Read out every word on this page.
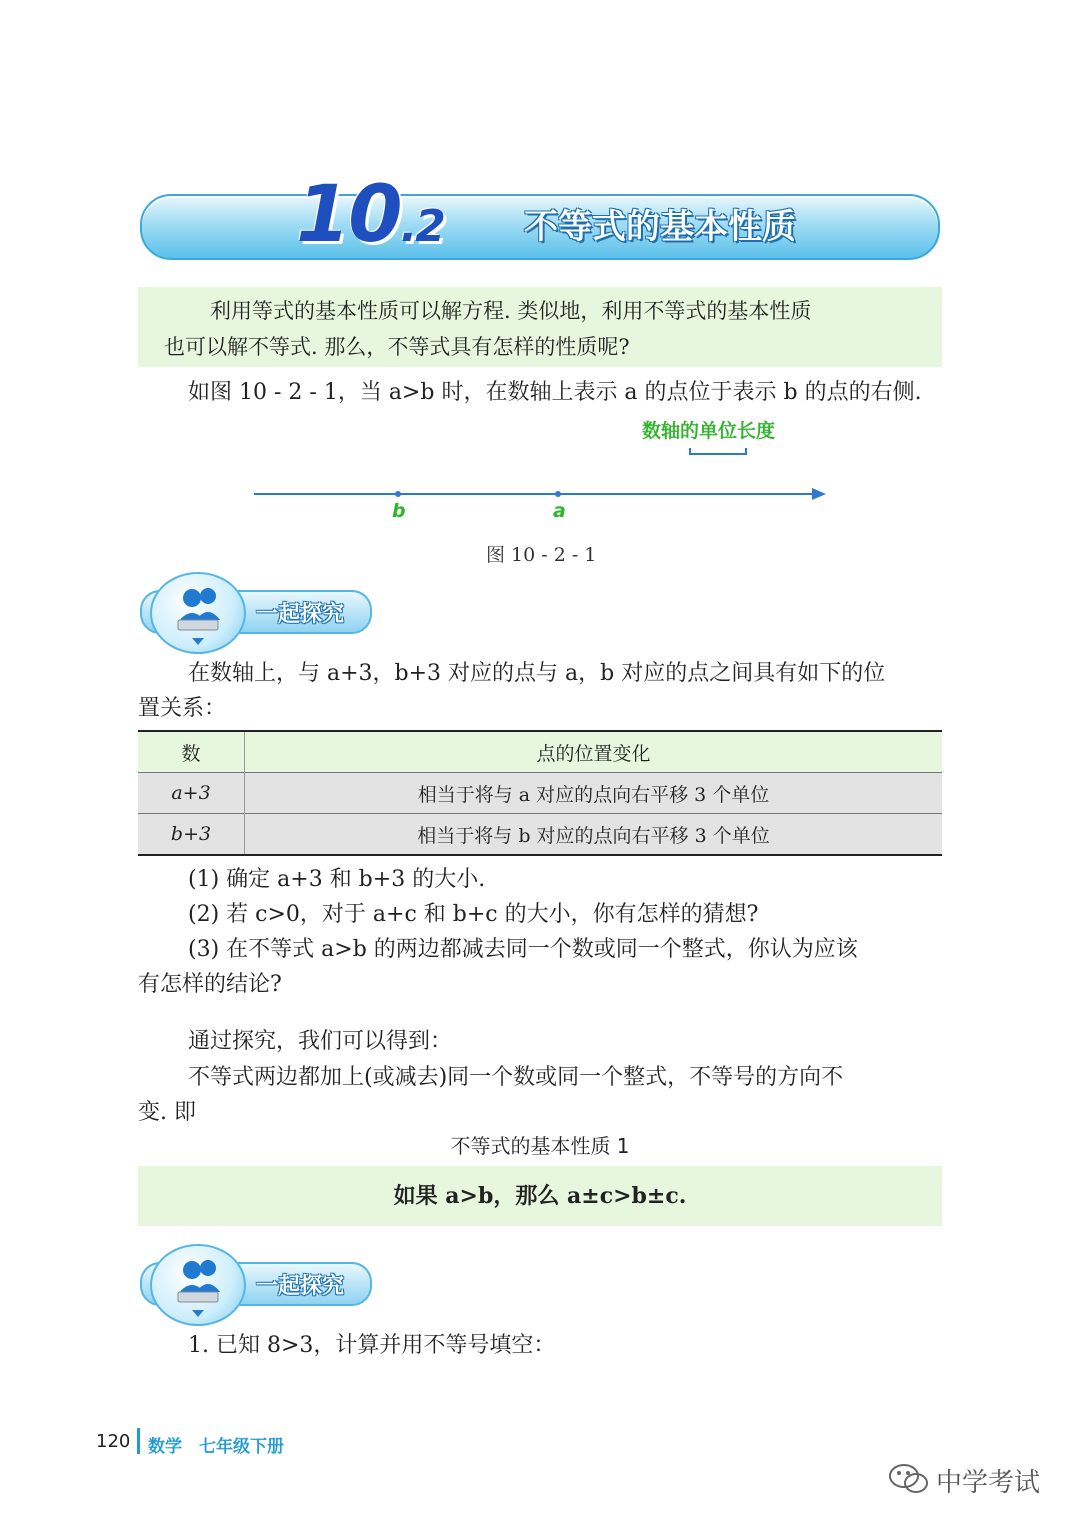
10.2	不等式的基本性质

利用等式的基本性质可以解方程. 类似地，利用不等式的基本性质

也可以解不等式. 那么，不等式具有怎样的性质呢?

如图 10 - 2 - 1，当 a>b 时，在数轴上表示 a 的点位于表示 b 的点的右侧.
数轴的单位长度
b	a
图 10 - 2 - 1
一起探究
在数轴上，与 a+3，b+3 对应的点与 a，b 对应的点之间具有如下的位
置关系：
数	点的位置变化
a+3	相当于将与 a 对应的点向右平移 3 个单位
b+3	相当于将与 b 对应的点向右平移 3 个单位
(1) 确定 a+3 和 b+3 的大小.
(2) 若 c>0，对于 a+c 和 b+c 的大小，你有怎样的猜想?
(3) 在不等式 a>b 的两边都减去同一个数或同一个整式，你认为应该
有怎样的结论?
通过探究，我们可以得到：
不等式两边都加上(或减去)同一个数或同一个整式，不等号的方向不
变. 即
不等式的基本性质 1
如果 a>b，那么 a±c>b±c.
一起探究
1. 已知 8>3，计算并用不等号填空：
120 数学　七年级下册
中学考试
